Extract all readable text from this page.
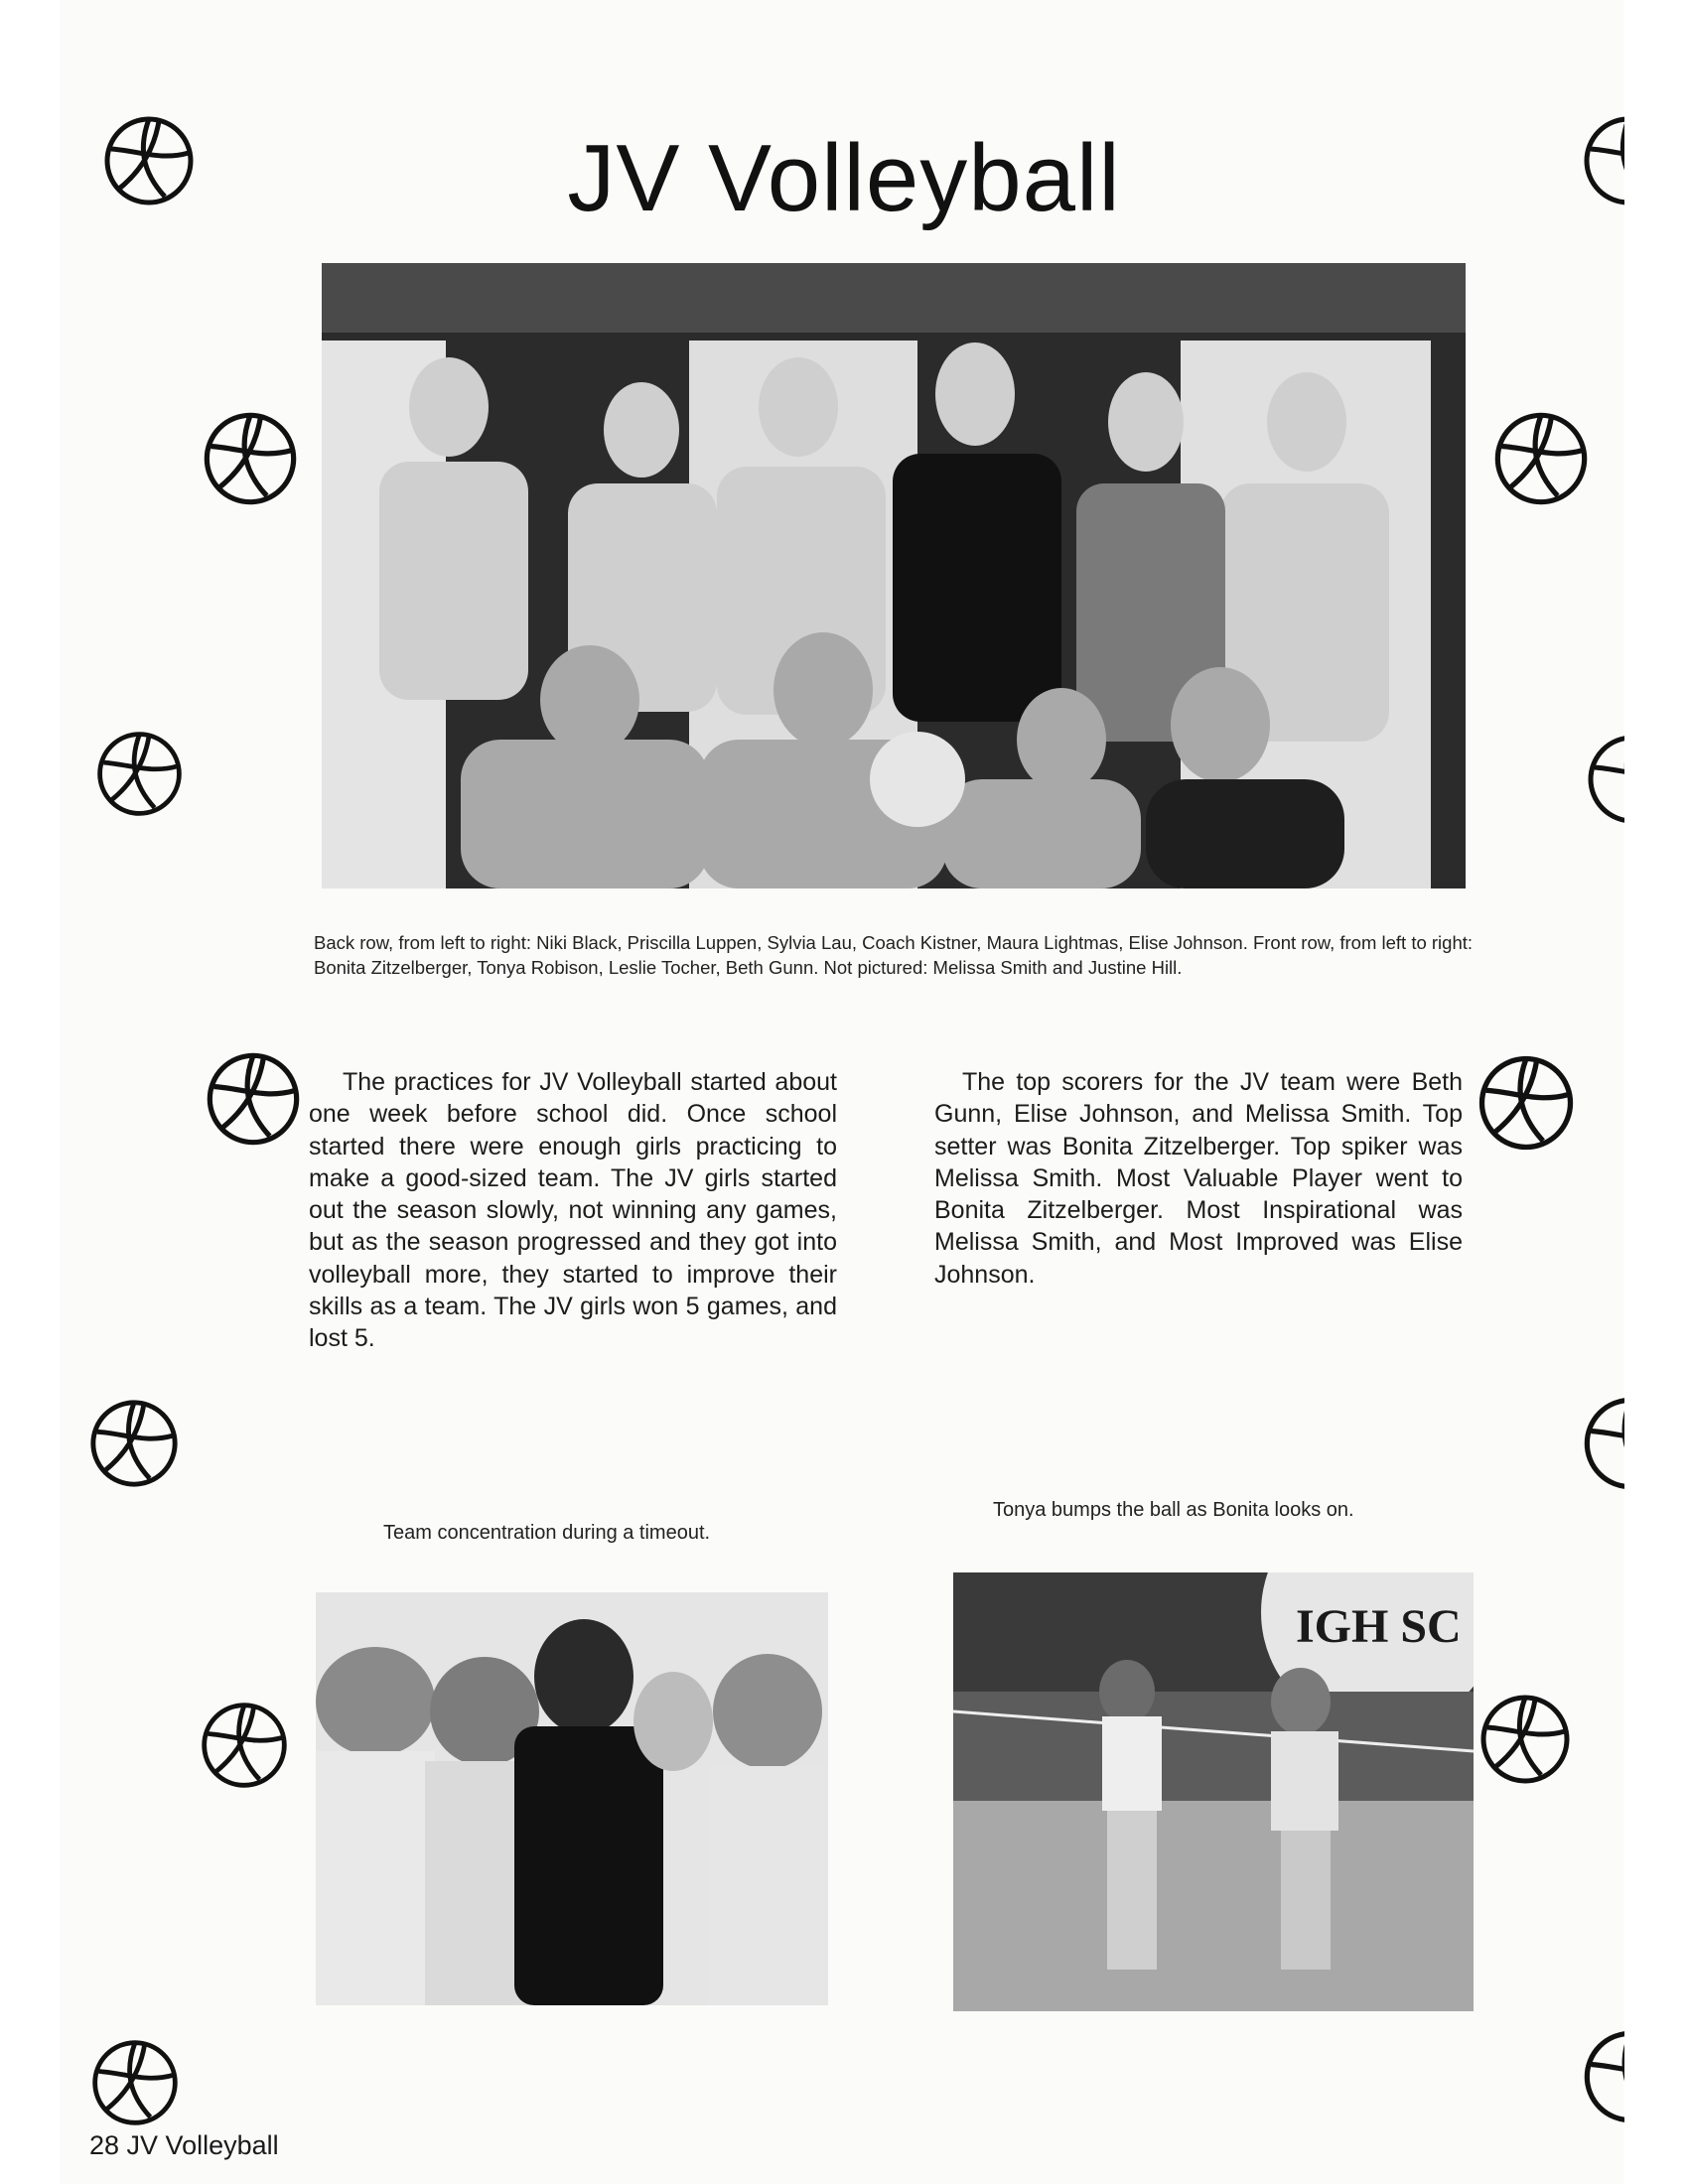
JV Volleyball
Back row, from left to right: Niki Black, Priscilla Luppen, Sylvia Lau, Coach Kistner, Maura Lightmas, Elise Johnson. Front row, from left to right: Bonita Zitzelberger, Tonya Robison, Leslie Tocher, Beth Gunn. Not pictured: Melissa Smith and Justine Hill.
The practices for JV Volleyball started about one week before school did. Once school started there were enough girls practicing to make a good-sized team. The JV girls started out the season slowly, not winning any games, but as the season progressed and they got into volleyball more, they started to improve their skills as a team. The JV girls won 5 games, and lost 5.
The top scorers for the JV team were Beth Gunn, Elise Johnson, and Melissa Smith. Top setter was Bonita Zitzelberger. Top spiker was Melissa Smith. Most Valuable Player went to Bonita Zitzelberger. Most Inspirational was Melissa Smith, and Most Improved was Elise Johnson.
Team concentration during a timeout.
Tonya bumps the ball as Bonita looks on.
IGH SC
28 JV Volleyball
